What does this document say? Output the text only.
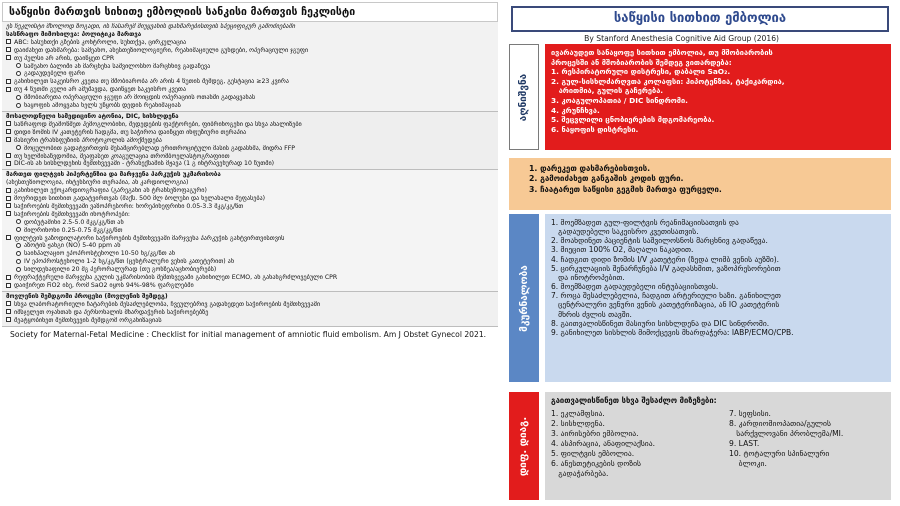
საწყისი მართვის სიხითე ემბოლიის სანკისი მართვის ჩეკლისტი
ეს ჩეკლისტი მხოლოდ ზოგადი, ის ჩასარემ მიუყვანის დახმარებისთვის სპეციფიკურ გამოძიებაში
სასწრაფო მიმოხილვა: პოლიტიკა მართვა
ABC: სასუნთქი გზების კონტროლი, სუნთქვა, ცირკულაცია
დაიძახეთ დახმარება: სამეანო, ანესთეზიოლოგიური, რეანიმაციული გუნდები, ოპერაციული ჯგუფი
თუ პულსი არ არის, დაიწყეთ CPR
სამეანო ბალიში ან მარცხენა საშვილოსნო მარცხნივ გადაწევა
გადაუდებელი ფარი
განიხილეთ საკეისრო კვეთა თუ მშობიარობა არ არის 4 წუთის შემდეგ, გესტაცია ≥23 კვირა
თუ 4 წუთში გული არ ამუშავდა, დაიწყეთ საკეისრო კვეთა
მშობიარეთა ოპერაციული ჯგუფი არ მოიცდის ოპერაციის ოთახში გადაყვანას
ნაყოფის ამოყვანა ხელს უწყობს დედის რეანიმაციას
მოსალოდნელი სამედიცინო ატონია, DIC, სისხლდენა
საწრაფოდ შეამოწმეთ ჰემოგლობინი, შედედების ფაქტორები, ფიბრინოგენი და სხვა ანალიზები
დიდი ზომის IV კათეტერის ჩადგმა, თუ საჭიროა დაიწყეთ ინფუზიური თერაპია
მასიური ტრანსფუზიის პროტოკოლის ამოქმედება
მოცულობით გადატვირთვის შესამცირებლად ერითროციტული მასის გადასხმა, შიდრა FFP
თუ ხელმისაწვდომია, შეაფასეთ კოაგულაცია თრომბოელასტოგრაფიით
DIC-ის ან სისხლდენის შემთხვევაში - ტრანექსამის მჟავა (1 გ ინტრავენურად 10 წუთში)
მართეთ ფილტვის ჰიპერტენზია და მარჯვენა პარკუჭის უკმარისობა
(ანესთეზიოლოგია, ინტენსიური თერაპია, ან კარდიოლოგია)
განიხილეთ ექოკარდიოგრაფია (გარეგანი ან ტრანსეზოფაგური)
მოერიდეთ სითხით გადატვირთვას (მაქს. 500 მლ ბოლუსი და ხელახალი შეფასება)
საჭიროების შემთხვევაში ვაზოპრესორი: ნორეპინეფრინი 0.05-3.3 მკგ/კგ/წთ
საჭიროების შემთხვევაში ინოტროპები:
დობუტამინი 2.5-5.0 მკგ/კგ/წთ ან
მილრინონი 0.25-0.75 მკგ/კგ/წთ
ფილტვის ვაზოდილატორი საჭიროების შემთხვევაში მარჯვენა პარკუჭის განტვირთვისთვის
აზოტის ჟანგი (NO) 5-40 ppm ან
საინჰალაციო ეპოპროსტენოლი 10-50 ნგ/კგ/წთ ან
IV ეპოპროსტენოლი 1-2 ნგ/კგ/წთ (ცენტრალური ვენის კათეტერით) ან
სილდენაფილი 20 მგ პერორალურად (თუ გონზეა/აცნობიერებს)
რეფრაქტერული მარჯვენა გულის უკმარისობის შემთხვევაში განიხილეთ ECMO, ან გახანგრძლივებული CPR
დაიჭირეთ FiO2 ისე, რომ SaO2 იყოს 94%-98% ფარგლებში
მოვლენის შემდგომი პროცესი (მოვლენის შემდეგ)
სხვა ლაბორატორიული ჩატარების შესაძლებლობა, ჩვეულებრივ გადახედეთ საჭიროების შემთხვევაში
იმსჯელეთ ოჯახთან და პერსონალის მხარდაჭერის საჭიროებებზე
შეატყობინეთ შემთხვევის შემდგომ ორგანიზაციას
Society for Maternal-Fetal Medicine : Checklist for initial management of amniotic fluid embolism. Am J Obstet Gynecol 2021.
საწყისი სითხით ემბოლია
By Stanford Anesthesia Cognitive Aid Group (2016)
აღნიშვნა
ივარაუდეთ სანაყოფე სითხით ემბოლია, თუ მშობიარობის
პროცესში ან მშობიარობის შემდეგ ვითარდება:
1. რესპირატორული დისტრესი, დაბალი SaO₂.
2. გულ-სისხლძარღვთა კოლაფსი: ჰიპოტენზია, ტაქიკარდია,
არითმია, გულის გაჩერება.
3. კოაგულოპათია / DIC სინდრომი.
4. კრუნჩხვა.
5. შეცვლილი ცნობიერების მდგომარეობა.
6. ნაყოფის დისტრესი.
1. დარეკეთ დახმარებისთვის.
2. გამოიძახეთ განგაშის კოდის ფური.
3. ჩაატარეთ საწყისი გეგმის მართვა ფურცელი.
მკურნალობა
1. მოემზადეთ გულ-ფილტვის რეანიმაციისათვის და
გადაუდებელი საკეისრო კვეთისათვის.
2. მოახდინეთ პაციენტის საშვილოსნოს მარცხნივ გადაწევა.
3. მიეცით 100% O2, მაღალი ნაკადით.
4. ჩადგით დიდი ზომის I/V კათეტერი (ზედა ლიმბ ვენის აუზში).
5. ცირკულაციის შენარჩუნება I/V გადასხმით, ვაზოპრესორებით
და ინოტროპებით.
6. მოემზადეთ გადაუდებელი ინტუბაციისთვის.
7. როცა შესაძლებელია, ჩადგით არტერიული ხაზი. განიხილეთ
ცენტრალური ვენური ვენის კათეტერიზაცია, ან IO კათეტერის
მხრის ძვლის თავში.
8. გაითვალისწინეთ მასიური სისხლდენა და DIC სინდრომი.
9. განიხილეთ სისხლის მიმოქცევის მხარდაჭერა: IABP/ECMO/CPB.
დიფ. დიაგ.
გაითვალისწინეთ სხვა შესაძლო მიზეზები:
1. ეკლამფსია.
2. სისხლდენა.
3. აირისებრი ემბოლია.
4. ასპირაცია, ანაფილაქსია.
5. ფილტვის ემბოლია.
6. ანესთეტიკების დოზის
გადაჭარბება.
7. სეფსისი.
8. კარდიომიოპათია/გულის
სარქვლოვანი პრობლემა/MI.
9. LAST.
10. ტოტალური სპინალური
ბლოკი.
